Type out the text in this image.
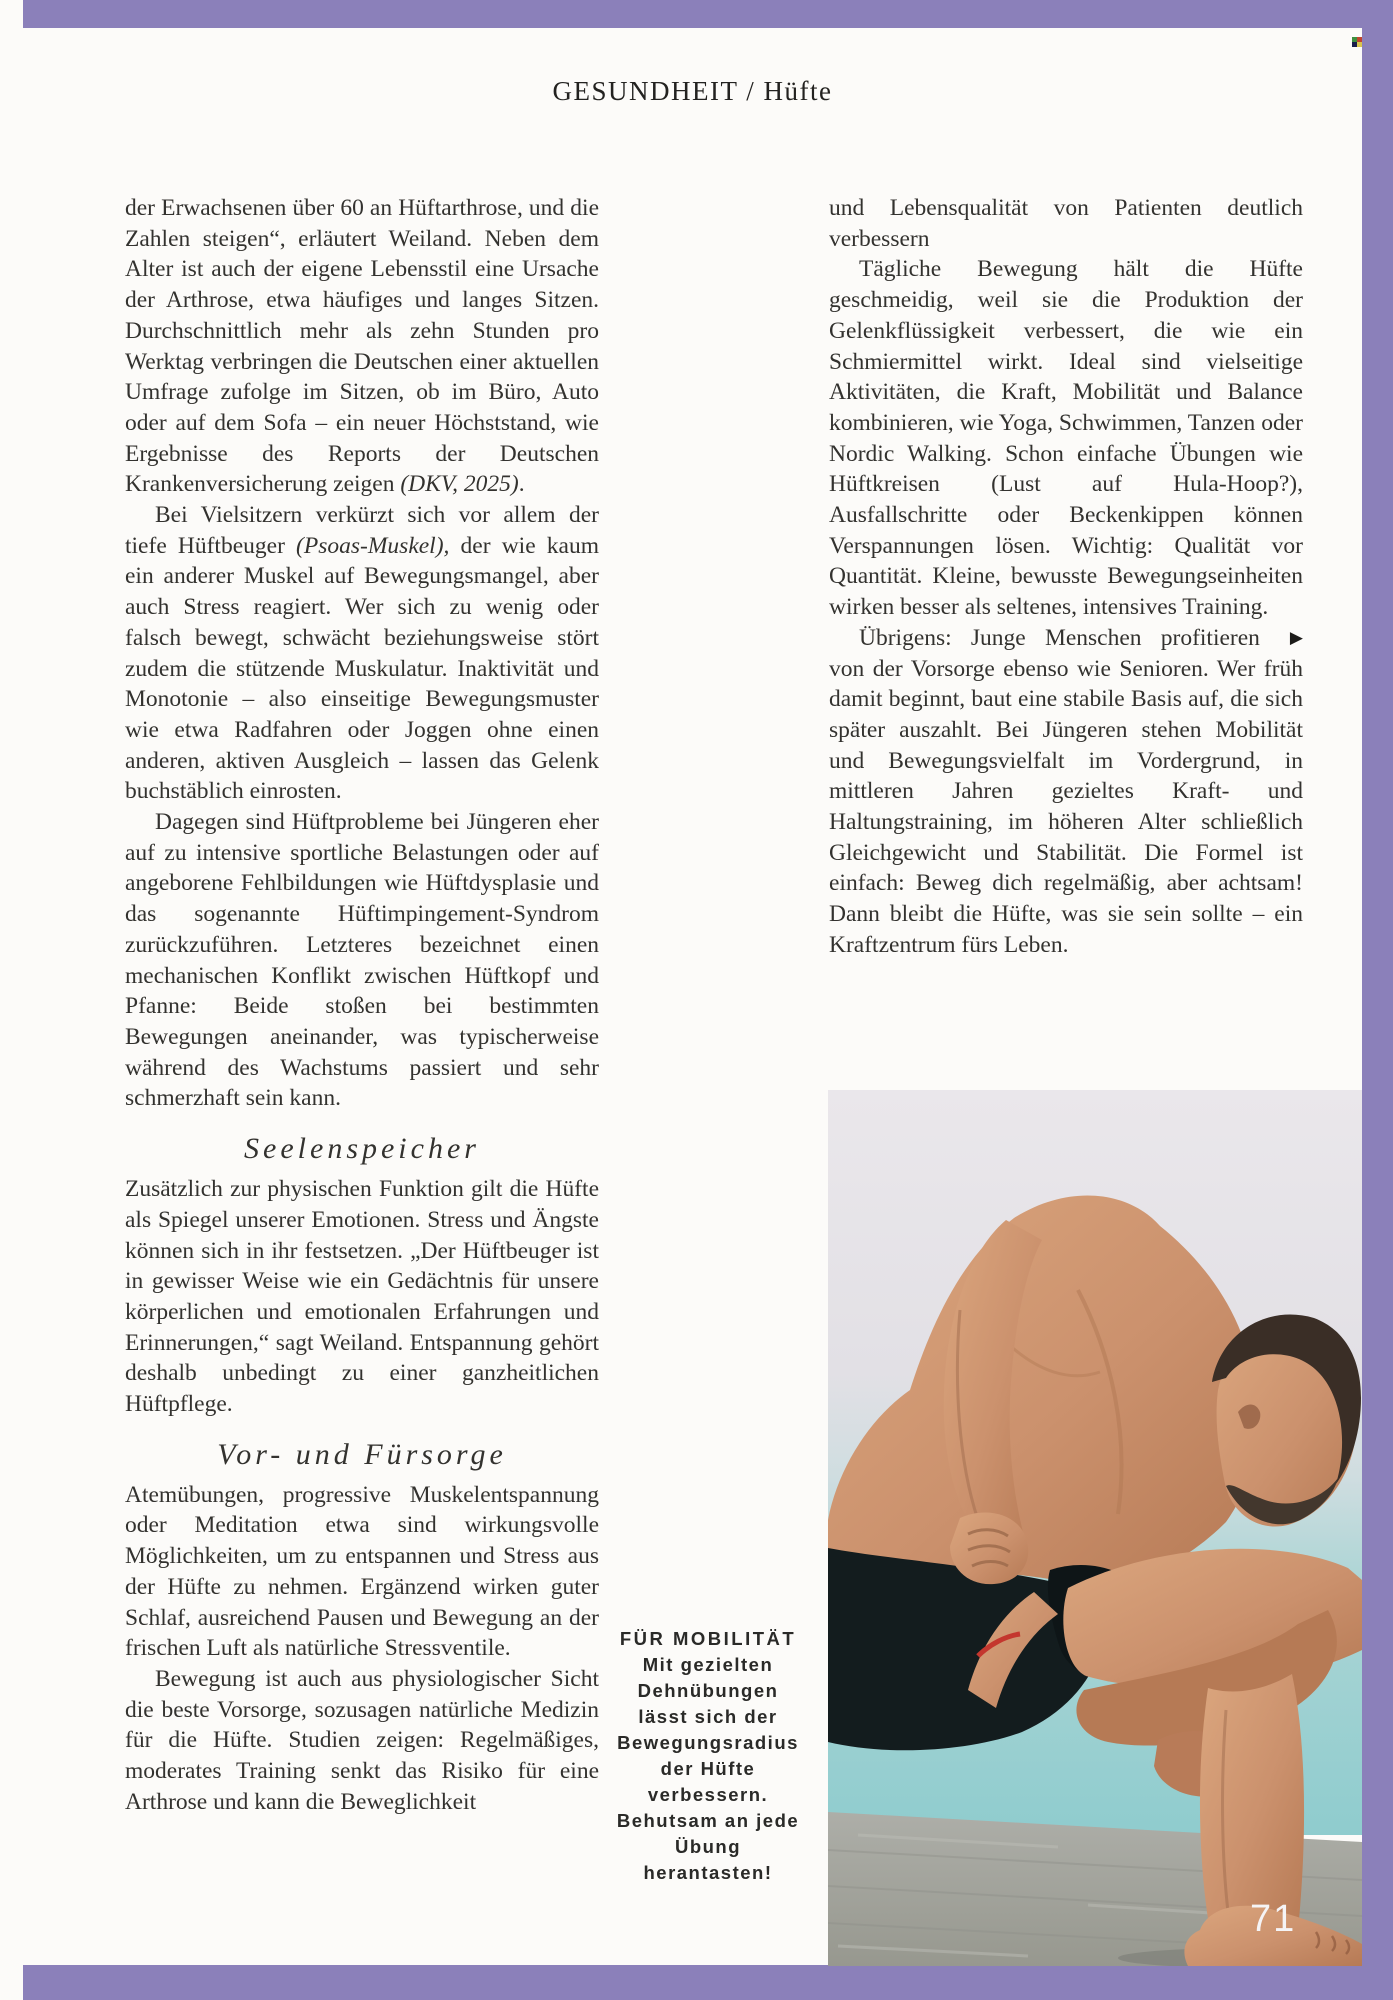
GESUNDHEIT / Hüfte

der Erwachsenen über 60 an Hüftarthrose, und die Zahlen steigen“, erläutert Weiland. Neben dem Alter ist auch der eigene Lebensstil eine Ursache der Arthrose, etwa häufiges und langes Sitzen. Durchschnittlich mehr als zehn Stunden pro Werktag verbringen die Deutschen einer aktuellen Umfrage zufolge im Sitzen, ob im Büro, Auto oder auf dem Sofa – ein neuer Höchststand, wie Ergebnisse des Reports der Deutschen Krankenversicherung zeigen (DKV, 2025).

Bei Vielsitzern verkürzt sich vor allem der tiefe Hüftbeuger (Psoas-Muskel), der wie kaum ein anderer Muskel auf Bewegungsmangel, aber auch Stress reagiert. Wer sich zu wenig oder falsch bewegt, schwächt beziehungsweise stört zudem die stützende Muskulatur. Inaktivität und Monotonie – also einseitige Bewegungsmuster wie etwa Radfahren oder Joggen ohne einen anderen, aktiven Ausgleich – lassen das Gelenk buchstäblich einrosten.

Dagegen sind Hüftprobleme bei Jüngeren eher auf zu intensive sportliche Belastungen oder auf angeborene Fehlbildungen wie Hüftdysplasie und das sogenannte Hüftimpingement-Syndrom zurückzuführen. Letzteres bezeichnet einen mechanischen Konflikt zwischen Hüftkopf und Pfanne: Beide stoßen bei bestimmten Bewegungen aneinander, was typischerweise während des Wachstums passiert und sehr schmerzhaft sein kann.

Seelenspeicher

Zusätzlich zur physischen Funktion gilt die Hüfte als Spiegel unserer Emotionen. Stress und Ängste können sich in ihr festsetzen. „Der Hüftbeuger ist in gewisser Weise wie ein Gedächtnis für unsere körperlichen und emotionalen Erfahrungen und Erinnerungen,“ sagt Weiland. Entspannung gehört deshalb unbedingt zu einer ganzheitlichen Hüftpflege.

Vor- und Fürsorge

Atemübungen, progressive Muskelentspannung oder Meditation etwa sind wirkungsvolle Möglichkeiten, um zu entspannen und Stress aus der Hüfte zu nehmen. Ergänzend wirken guter Schlaf, ausreichend Pausen und Bewegung an der frischen Luft als natürliche Stressventile.

Bewegung ist auch aus physiologischer Sicht die beste Vorsorge, sozusagen natürliche Medizin für die Hüfte. Studien zeigen: Regelmäßiges, moderates Training senkt das Risiko für eine Arthrose und kann die Beweglichkeit

und Lebensqualität von Patienten deutlich verbessern

Tägliche Bewegung hält die Hüfte geschmeidig, weil sie die Produktion der Gelenkflüssigkeit verbessert, die wie ein Schmiermittel wirkt. Ideal sind vielseitige Aktivitäten, die Kraft, Mobilität und Balance kombinieren, wie Yoga, Schwimmen, Tanzen oder Nordic Walking. Schon einfache Übungen wie Hüftkreisen (Lust auf Hula-Hoop?), Ausfallschritte oder Beckenkippen können Verspannungen lösen. Wichtig: Qualität vor Quantität. Kleine, bewusste Bewegungseinheiten wirken besser als seltenes, intensives Training.

▶
Übrigens: Junge Menschen profitieren von der Vorsorge ebenso wie Senioren. Wer früh damit beginnt, baut eine stabile Basis auf, die sich später auszahlt. Bei Jüngeren stehen Mobilität und Bewegungsvielfalt im Vordergrund, in mittleren Jahren gezieltes Kraft- und Haltungstraining, im höheren Alter schließlich Gleichgewicht und Stabilität. Die Formel ist einfach: Beweg dich regelmäßig, aber achtsam! Dann bleibt die Hüfte, was sie sein sollte – ein Kraftzentrum fürs Leben.

FÜR MOBILITÄT
Mit gezielten Dehnübungen lässt sich der Bewegungsradius der Hüfte verbessern. Behutsam an jede Übung herantasten!
71
